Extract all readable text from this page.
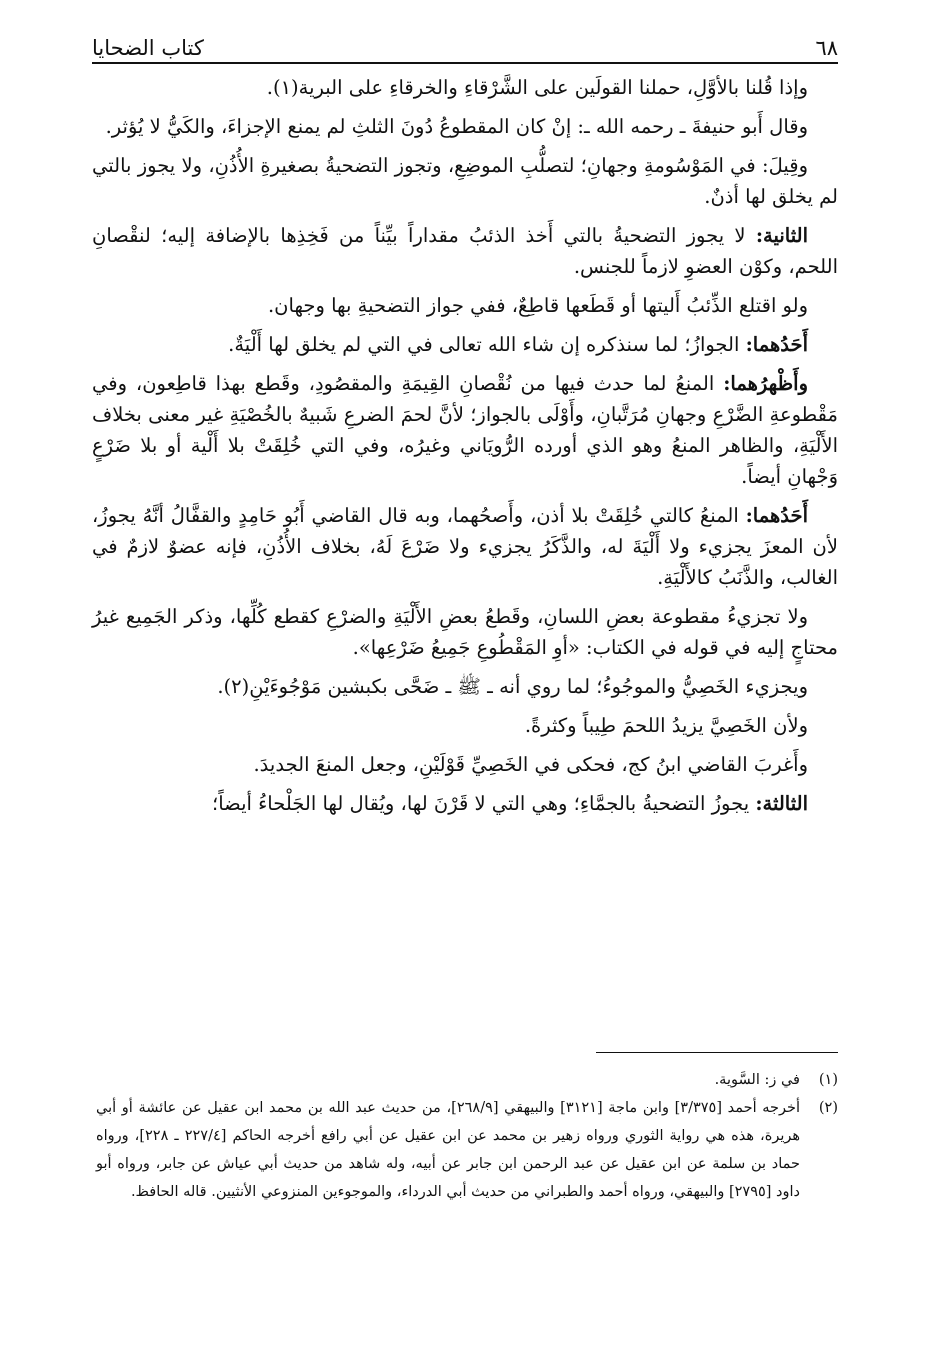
٦٨
كتاب الضحايا

وإذا قُلنا بالأوَّلِ، حملنا القولَين على الشَّرْقاءِ والخرقاءِ على البرية(١).

وقال أَبو حنيفةَ ـ رحمه الله ـ: إنْ كان المقطوعُ دُونَ الثلثِ لم يمنع الإجزاءَ، والكَيُّ لا يُؤثر.

وقِيلَ: في المَوْسُومةِ وجهانِ؛ لتصلُّبِ الموضِعِ، وتجوز التضحيةُ بصغيرةِ الأُذُنِ، ولا يجوز بالتي لم يخلق لها أذنٌ.

الثانية: لا يجوز التضحيةُ بالتي أَخذ الذئبُ مقداراً بيِّناً من فَخِذِها بالإضافة إليه؛ لنقْصانِ اللحم، وكوْن العضوِ لازماً للجنس.

ولو اقتلع الذِّئبُ أَليتها أو قَطَعها قاطِعٌ، ففي جواز التضحيةِ بها وجهان.

أَحَدُهما: الجوازُ؛ لما سنذكره إن شاء الله تعالى في التي لم يخلق لها أَلْيَةٌ.

وأَظْهرُهما: المنعُ لما حدث فيها من نُقْصانِ القِيمَةِ والمقصُودِ، وقَطع بهذا قاطِعون، وفي مَقْطوعةِ الضَّرْعِ وجهانِ مُرَتَّبانِ، وأَوْلَى بالجواز؛ لأنَّ لحمَ الضرعِ شَبيهٌ بالخُصْيَةِ غير معنى بخلاف الأَلْيَةِ، والظاهر المنعُ وهو الذي أورده الرُّويَاني وغيرُه، وفي التي خُلِقَتْ بلا أَلْية أو بلا ضَرْعٍ وَجْهانِ أيضاً.

أَحَدُهما: المنعُ كالتي خُلِقَتْ بلا أذن، وأَصحُهما، وبه قال القاضي أَبُو حَامِدٍ والقفَّالُ أنَّهُ يجوزُ، لأن المعزَ يجزيء ولا أَلْيَةَ له، والذَّكَرُ يجزيء ولا ضَرْعَ لَهُ، بخلاف الأُذُنِ، فإنه عضوٌ لازمٌ في الغالب، والذَّنَبُ كالأَلْيَةِ.

ولا تجزيءُ مقطوعة بعضِ اللسانِ، وقَطعُ بعضِ الأَلْيَةِ والضرْعِ كقطع كُلِّها، وذكر الجَمِيع غيرُ محتاجٍ إليه في قوله في الكتاب: «أوِ المَقْطُوعِ جَمِيعُ ضَرْعِها».

ويجزيء الخَصِيُّ والموجُوءُ؛ لما روي أنه ـ ﷺ ـ ضَحَّى بكبشين مَوْجُوءَيْنِ(٢).

ولأن الخَصِيَّ يزيدُ اللحمَ طِيباً وكثرةً.

وأَغربَ القاضي ابنُ كج، فحكى في الخَصِيِّ قَوْلَيْنِ، وجعل المنعَ الجديدَ.

الثالثة: يجوزُ التضحيةُ بالجمَّاءِ؛ وهي التي لا قَرْنَ لها، ويُقال لها الجَلْحاءُ أيضاً؛

(١)
في ز: السَّوية.
(٢)
أخرجه أحمد [٣/٣٧٥] وابن ماجة [٣١٢١] والبيهقي [٢٦٨/٩]، من حديث عبد الله بن محمد ابن عقيل عن عائشة أو أبي هريرة، هذه هي رواية الثوري ورواه زهير بن محمد عن ابن عقيل عن أبي رافع أخرجه الحاكم [٢٢٧/٤ ـ ٢٢٨]، ورواه حماد بن سلمة عن ابن عقيل عن عبد الرحمن ابن جابر عن أبيه، وله شاهد من حديث أبي عياش عن جابر، ورواه أبو داود [٢٧٩٥] والبيهقي، ورواه أحمد والطبراني من حديث أبي الدرداء، والموجوءين المنزوعي الأنثيين. قاله الحافظ.
